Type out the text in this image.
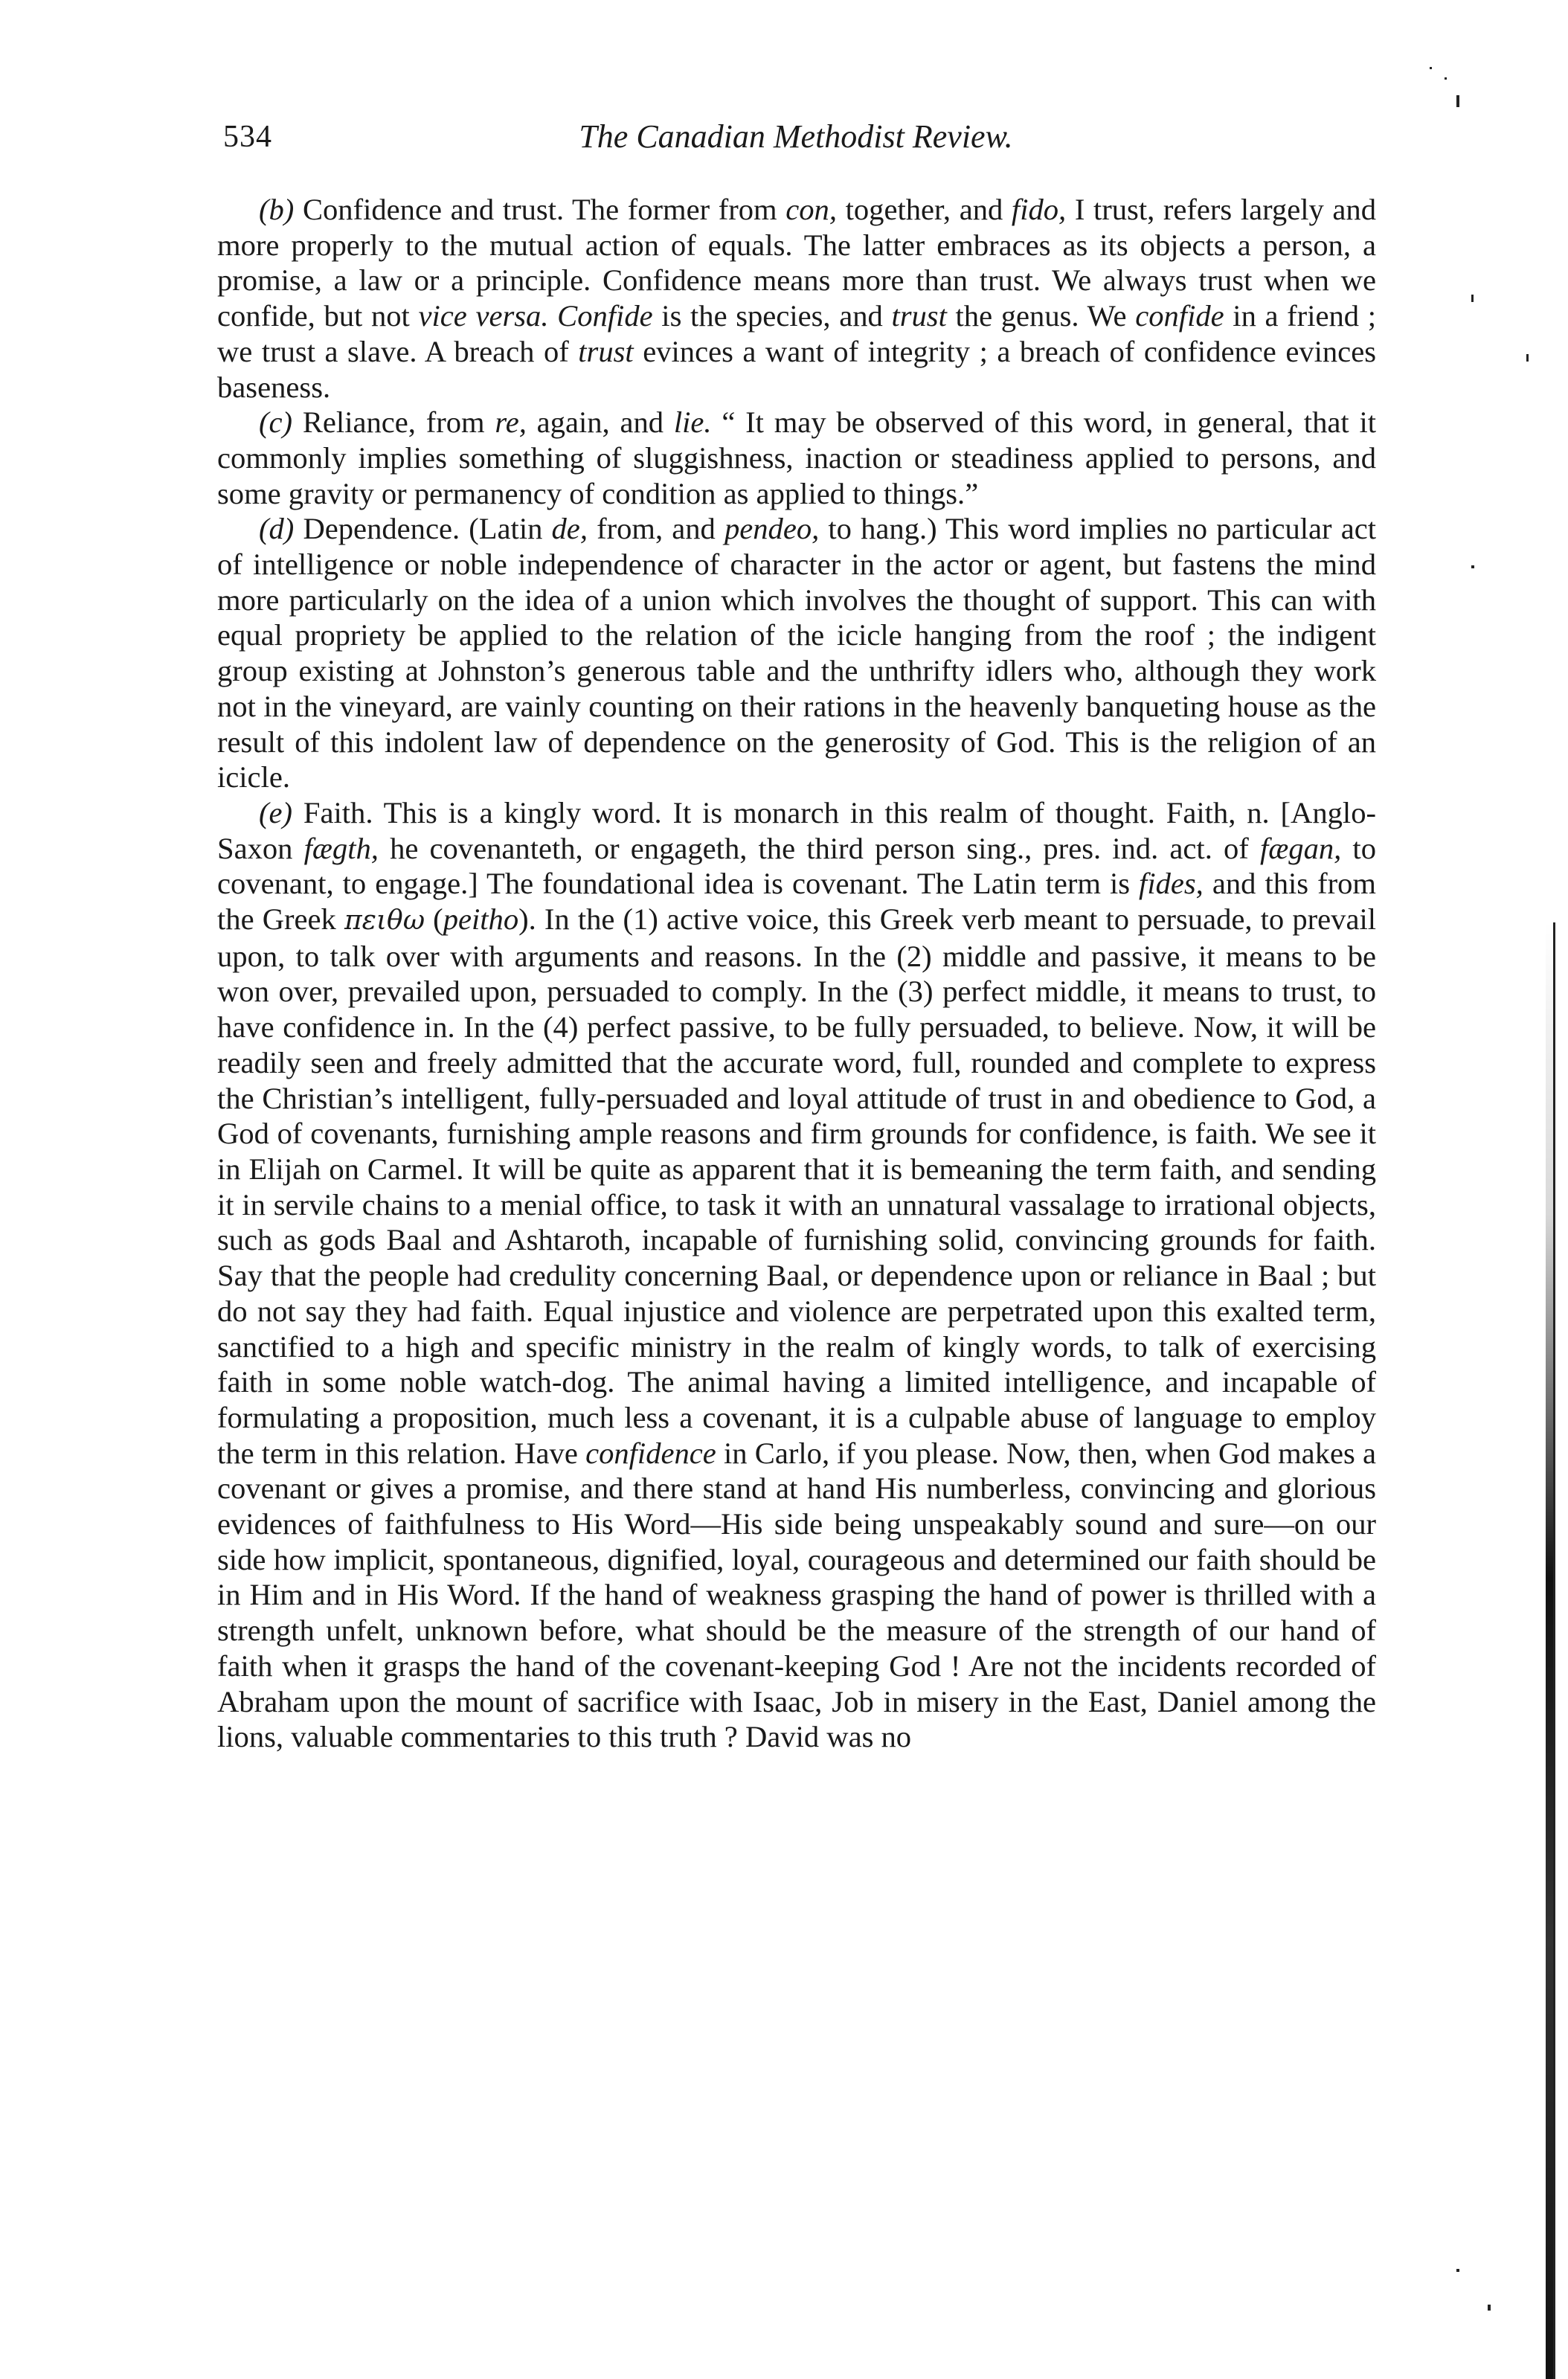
534	The Canadian Methodist Review.

(b) Confidence and trust. The former from con, together, and fido, I trust, refers largely and more properly to the mutual action of equals. The latter embraces as its objects a person, a promise, a law or a principle. Confidence means more than trust. We always trust when we confide, but not vice versa. Confide is the species, and trust the genus. We confide in a friend ; we trust a slave. A breach of trust evinces a want of integrity ; a breach of confidence evinces baseness.

(c) Reliance, from re, again, and lie. “ It may be observed of this word, in general, that it commonly implies something of sluggishness, inaction or steadiness applied to persons, and some gravity or permanency of condition as applied to things.”

(d) Dependence. (Latin de, from, and pendeo, to hang.) This word implies no particular act of intelligence or noble independence of character in the actor or agent, but fastens the mind more particularly on the idea of a union which involves the thought of support. This can with equal propriety be applied to the relation of the icicle hanging from the roof ; the indigent group existing at Johnston’s generous table and the unthrifty idlers who, although they work not in the vineyard, are vainly counting on their rations in the heavenly banqueting house as the result of this indolent law of dependence on the generosity of God. This is the religion of an icicle.

(e) Faith. This is a kingly word. It is monarch in this realm of thought. Faith, n. [Anglo-Saxon fægth, he covenanteth, or engageth, the third person sing., pres. ind. act. of fægan, to covenant, to engage.] The foundational idea is covenant. The Latin term is fides, and this from the Greek πειθω (peitho). In the (1) active voice, this Greek verb meant to persuade, to prevail upon, to talk over with arguments and reasons. In the (2) middle and passive, it means to be won over, prevailed upon, persuaded to comply. In the (3) perfect middle, it means to trust, to have confidence in. In the (4) perfect passive, to be fully persuaded, to believe. Now, it will be readily seen and freely admitted that the accurate word, full, rounded and complete to express the Christian’s intelligent, fully-persuaded and loyal attitude of trust in and obedience to God, a God of covenants, furnishing ample reasons and firm grounds for confidence, is faith. We see it in Elijah on Carmel. It will be quite as apparent that it is bemeaning the term faith, and sending it in servile chains to a menial office, to task it with an unnatural vassalage to irrational objects, such as gods Baal and Ashtaroth, incapable of furnishing solid, convincing grounds for faith. Say that the people had credulity concerning Baal, or dependence upon or reliance in Baal ; but do not say they had faith. Equal injustice and violence are perpetrated upon this exalted term, sanctified to a high and specific ministry in the realm of kingly words, to talk of exercising faith in some noble watch-dog. The animal having a limited intelligence, and incapable of formulating a proposition, much less a covenant, it is a culpable abuse of language to employ the term in this relation. Have confidence in Carlo, if you please. Now, then, when God makes a covenant or gives a promise, and there stand at hand His numberless, convincing and glorious evidences of faithfulness to His Word—His side being unspeakably sound and sure—on our side how implicit, spontaneous, dignified, loyal, courageous and determined our faith should be in Him and in His Word. If the hand of weakness grasping the hand of power is thrilled with a strength unfelt, unknown before, what should be the measure of the strength of our hand of faith when it grasps the hand of the covenant-keeping God ! Are not the incidents recorded of Abraham upon the mount of sacrifice with Isaac, Job in misery in the East, Daniel among the lions, valuable commentaries to this truth ? David was no
